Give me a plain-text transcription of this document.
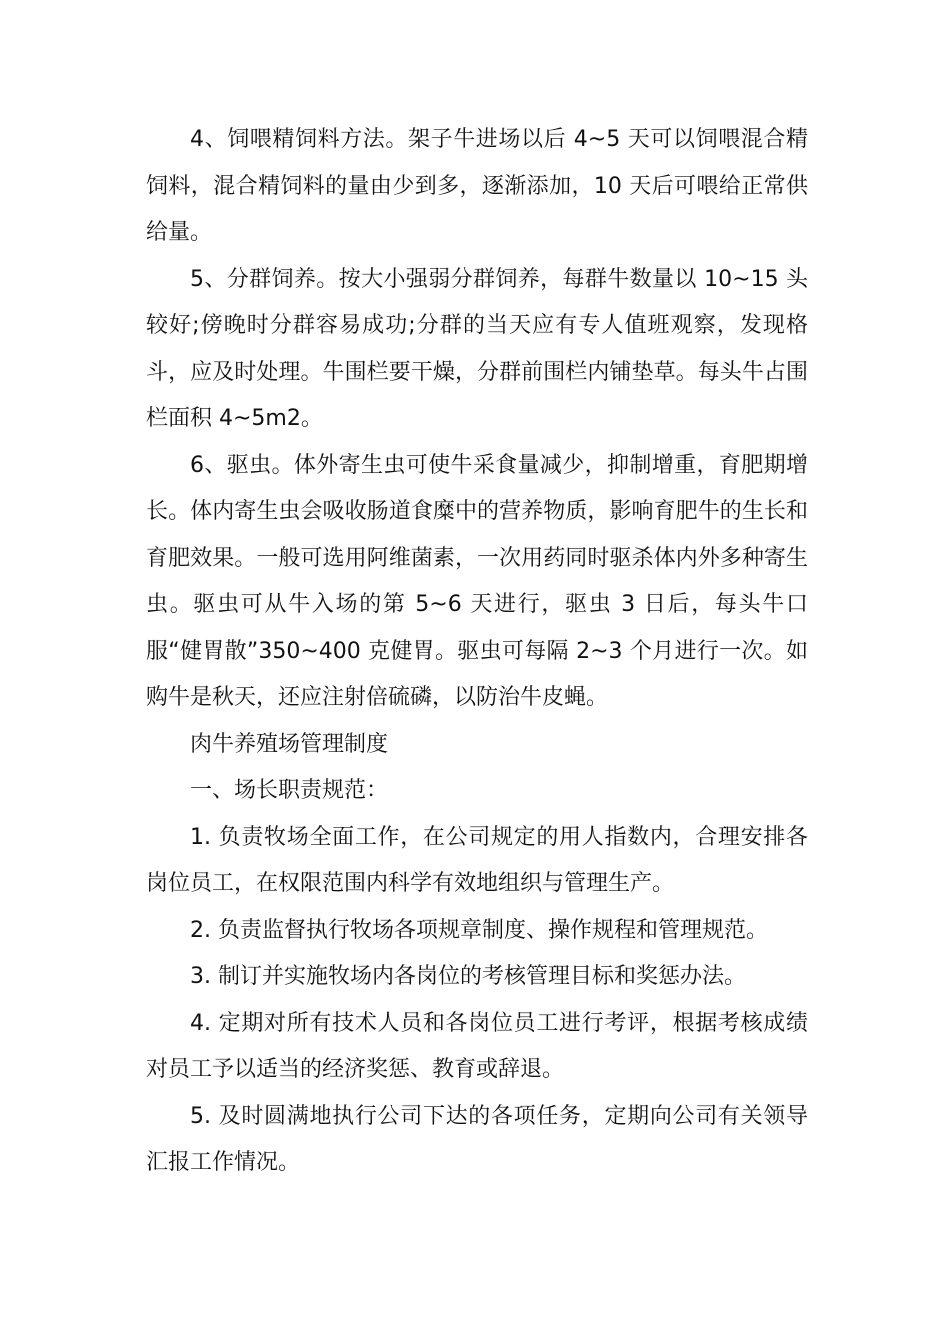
4、饲喂精饲料方法。架子牛进场以后 4~5 天可以饲喂混合精饲料，混合精饲料的量由少到多，逐渐添加，10 天后可喂给正常供给量。

5、分群饲养。按大小强弱分群饲养，每群牛数量以 10~15 头较好;傍晚时分群容易成功;分群的当天应有专人值班观察，发现格斗，应及时处理。牛围栏要干燥，分群前围栏内铺垫草。每头牛占围栏面积 4~5m2。

6、驱虫。体外寄生虫可使牛采食量减少，抑制增重，育肥期增长。体内寄生虫会吸收肠道食糜中的营养物质，影响育肥牛的生长和育肥效果。一般可选用阿维菌素，一次用药同时驱杀体内外多种寄生虫。驱虫可从牛入场的第 5~6 天进行，驱虫 3 日后，每头牛口服“健胃散”350~400 克健胃。驱虫可每隔 2~3 个月进行一次。如购牛是秋天，还应注射倍硫磷，以防治牛皮蝇。

肉牛养殖场管理制度

一、场长职责规范：

1. 负责牧场全面工作，在公司规定的用人指数内，合理安排各岗位员工，在权限范围内科学有效地组织与管理生产。

2. 负责监督执行牧场各项规章制度、操作规程和管理规范。

3. 制订并实施牧场内各岗位的考核管理目标和奖惩办法。

4. 定期对所有技术人员和各岗位员工进行考评，根据考核成绩对员工予以适当的经济奖惩、教育或辞退。

5. 及时圆满地执行公司下达的各项任务，定期向公司有关领导汇报工作情况。
